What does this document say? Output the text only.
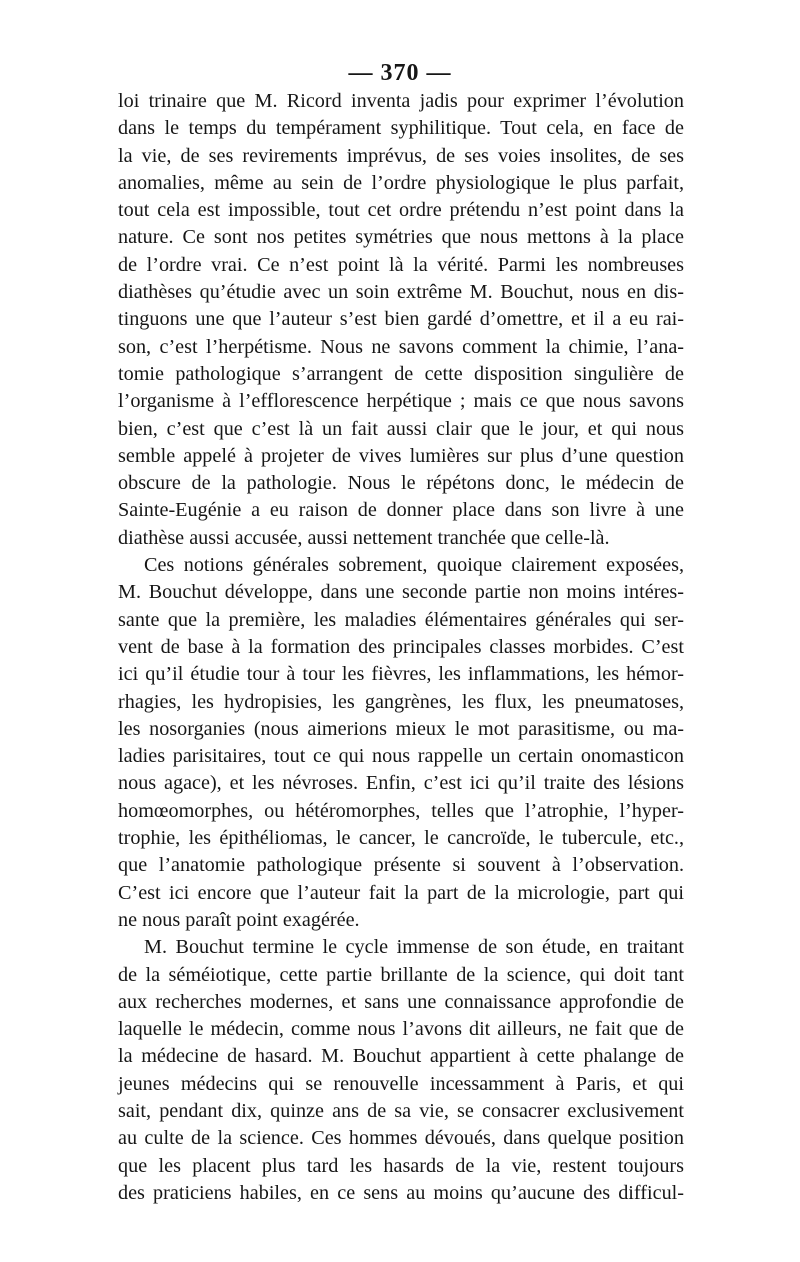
— 370 —
loi trinaire que M. Ricord inventa jadis pour exprimer l’évolution
dans le temps du tempérament syphilitique. Tout cela, en face de
la vie, de ses revirements imprévus, de ses voies insolites, de ses
anomalies, même au sein de l’ordre physiologique le plus parfait,
tout cela est impossible, tout cet ordre prétendu n’est point dans la
nature. Ce sont nos petites symétries que nous mettons à la place
de l’ordre vrai. Ce n’est point là la vérité. Parmi les nombreuses
diathèses qu’étudie avec un soin extrême M. Bouchut, nous en dis-
tinguons une que l’auteur s’est bien gardé d’omettre, et il a eu rai-
son, c’est l’herpétisme. Nous ne savons comment la chimie, l’ana-
tomie pathologique s’arrangent de cette disposition singulière de
l’organisme à l’efflorescence herpétique ; mais ce que nous savons
bien, c’est que c’est là un fait aussi clair que le jour, et qui nous
semble appelé à projeter de vives lumières sur plus d’une question
obscure de la pathologie. Nous le répétons donc, le médecin de
Sainte-Eugénie a eu raison de donner place dans son livre à une
diathèse aussi accusée, aussi nettement tranchée que celle-là.
Ces notions générales sobrement, quoique clairement exposées,
M. Bouchut développe, dans une seconde partie non moins intéres-
sante que la première, les maladies élémentaires générales qui ser-
vent de base à la formation des principales classes morbides. C’est
ici qu’il étudie tour à tour les fièvres, les inflammations, les hémor-
rhagies, les hydropisies, les gangrènes, les flux, les pneumatoses,
les nosorganies (nous aimerions mieux le mot parasitisme, ou ma-
ladies parisitaires, tout ce qui nous rappelle un certain onomasticon
nous agace), et les névroses. Enfin, c’est ici qu’il traite des lésions
homœomorphes, ou hétéromorphes, telles que l’atrophie, l’hyper-
trophie, les épithéliomas, le cancer, le cancroïde, le tubercule, etc.,
que l’anatomie pathologique présente si souvent à l’observation.
C’est ici encore que l’auteur fait la part de la micrologie, part qui
ne nous paraît point exagérée.
M. Bouchut termine le cycle immense de son étude, en traitant
de la séméiotique, cette partie brillante de la science, qui doit tant
aux recherches modernes, et sans une connaissance approfondie de
laquelle le médecin, comme nous l’avons dit ailleurs, ne fait que de
la médecine de hasard. M. Bouchut appartient à cette phalange de
jeunes médecins qui se renouvelle incessamment à Paris, et qui
sait, pendant dix, quinze ans de sa vie, se consacrer exclusivement
au culte de la science. Ces hommes dévoués, dans quelque position
que les placent plus tard les hasards de la vie, restent toujours
des praticiens habiles, en ce sens au moins qu’aucune des difficul-
